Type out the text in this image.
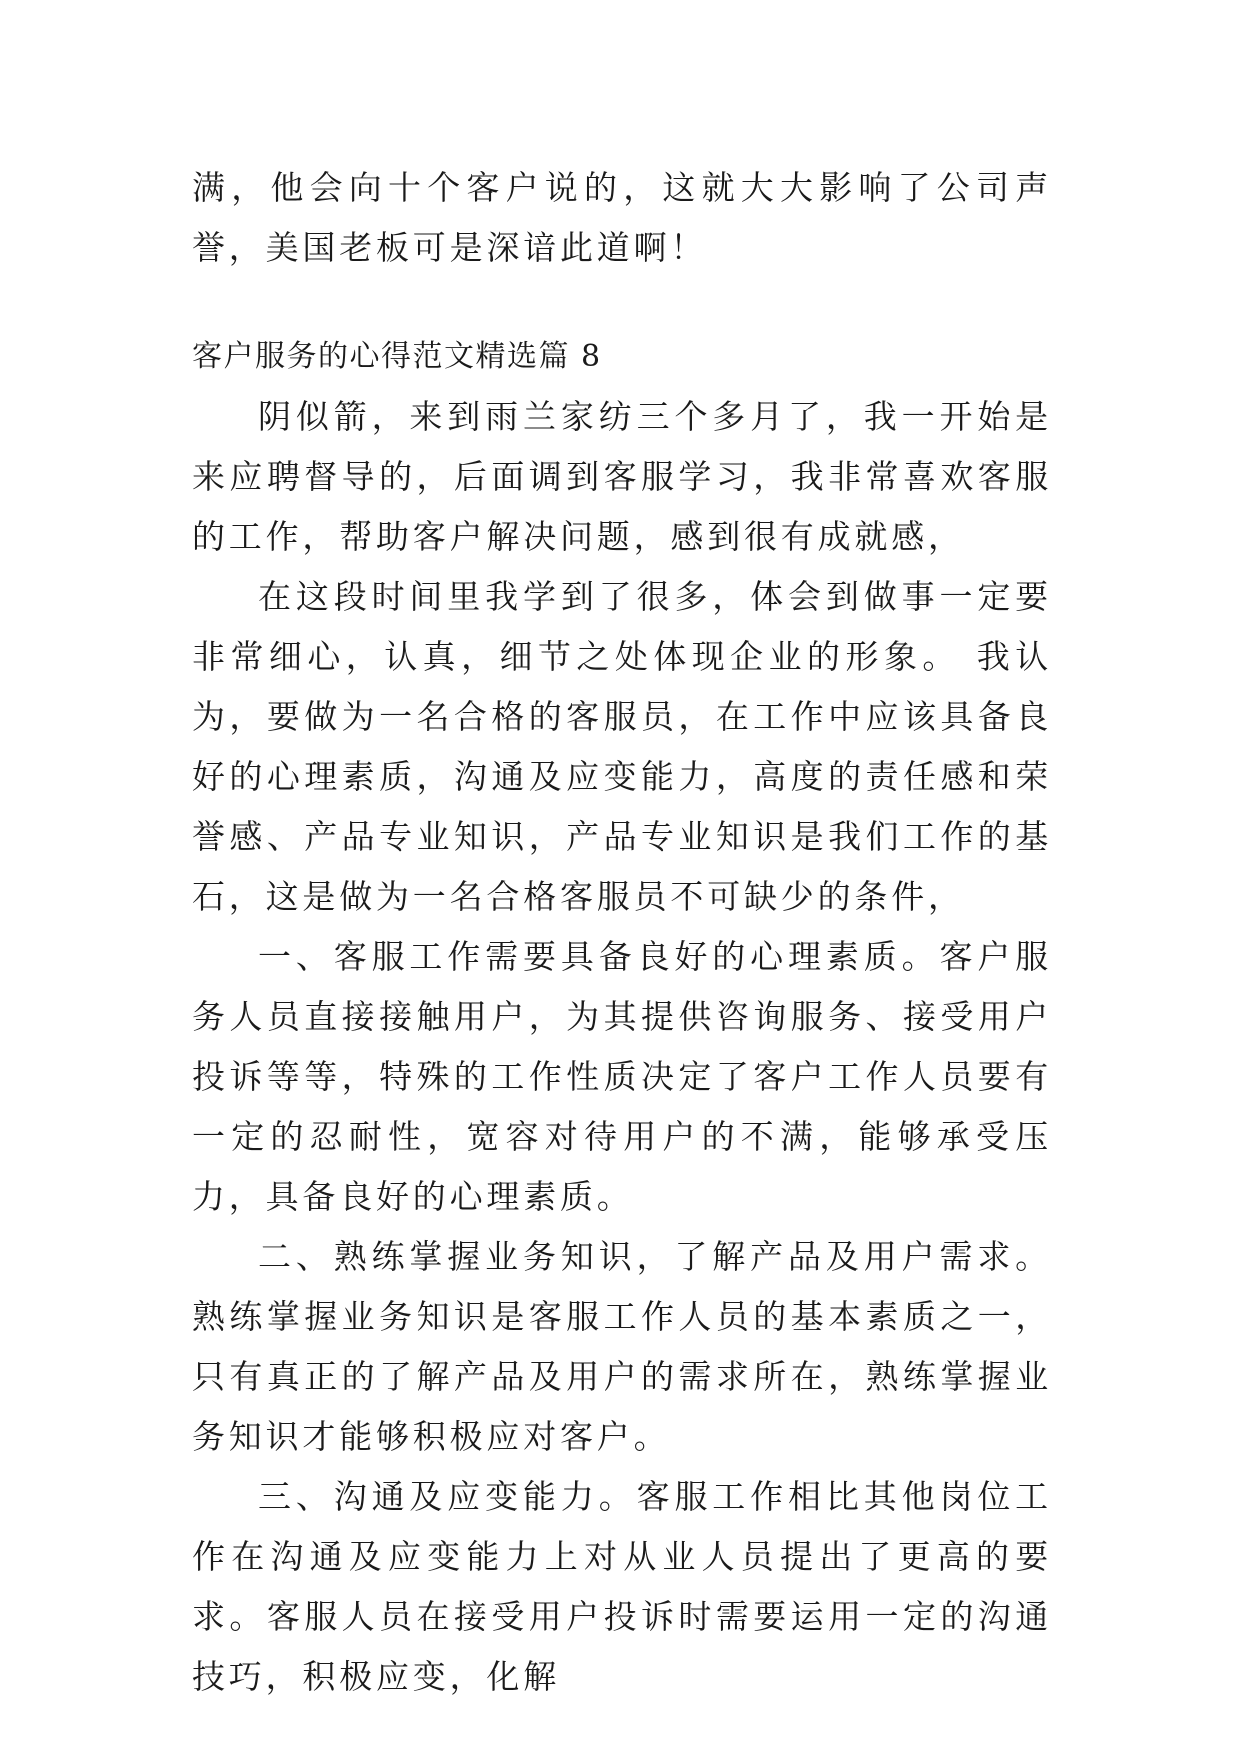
满，他会向十个客户说的，这就大大影响了公司声誉，美国老板可是深谙此道啊！

客户服务的心得范文精选篇 8

阴似箭，来到雨兰家纺三个多月了，我一开始是来应聘督导的，后面调到客服学习，我非常喜欢客服的工作，帮助客户解决问题，感到很有成就感，

在这段时间里我学到了很多，体会到做事一定要非常细心，认真，细节之处体现企业的形象。 我认为，要做为一名合格的客服员，在工作中应该具备良好的心理素质，沟通及应变能力，高度的责任感和荣誉感、产品专业知识，产品专业知识是我们工作的基石，这是做为一名合格客服员不可缺少的条件，

一、客服工作需要具备良好的心理素质。客户服务人员直接接触用户，为其提供咨询服务、接受用户投诉等等，特殊的工作性质决定了客户工作人员要有一定的忍耐性，宽容对待用户的不满，能够承受压力，具备良好的心理素质。

二、熟练掌握业务知识，了解产品及用户需求。熟练掌握业务知识是客服工作人员的基本素质之一，只有真正的了解产品及用户的需求所在，熟练掌握业务知识才能够积极应对客户。

三、沟通及应变能力。客服工作相比其他岗位工作在沟通及应变能力上对从业人员提出了更高的要求。客服人员在接受用户投诉时需要运用一定的沟通技巧，积极应变，化解
